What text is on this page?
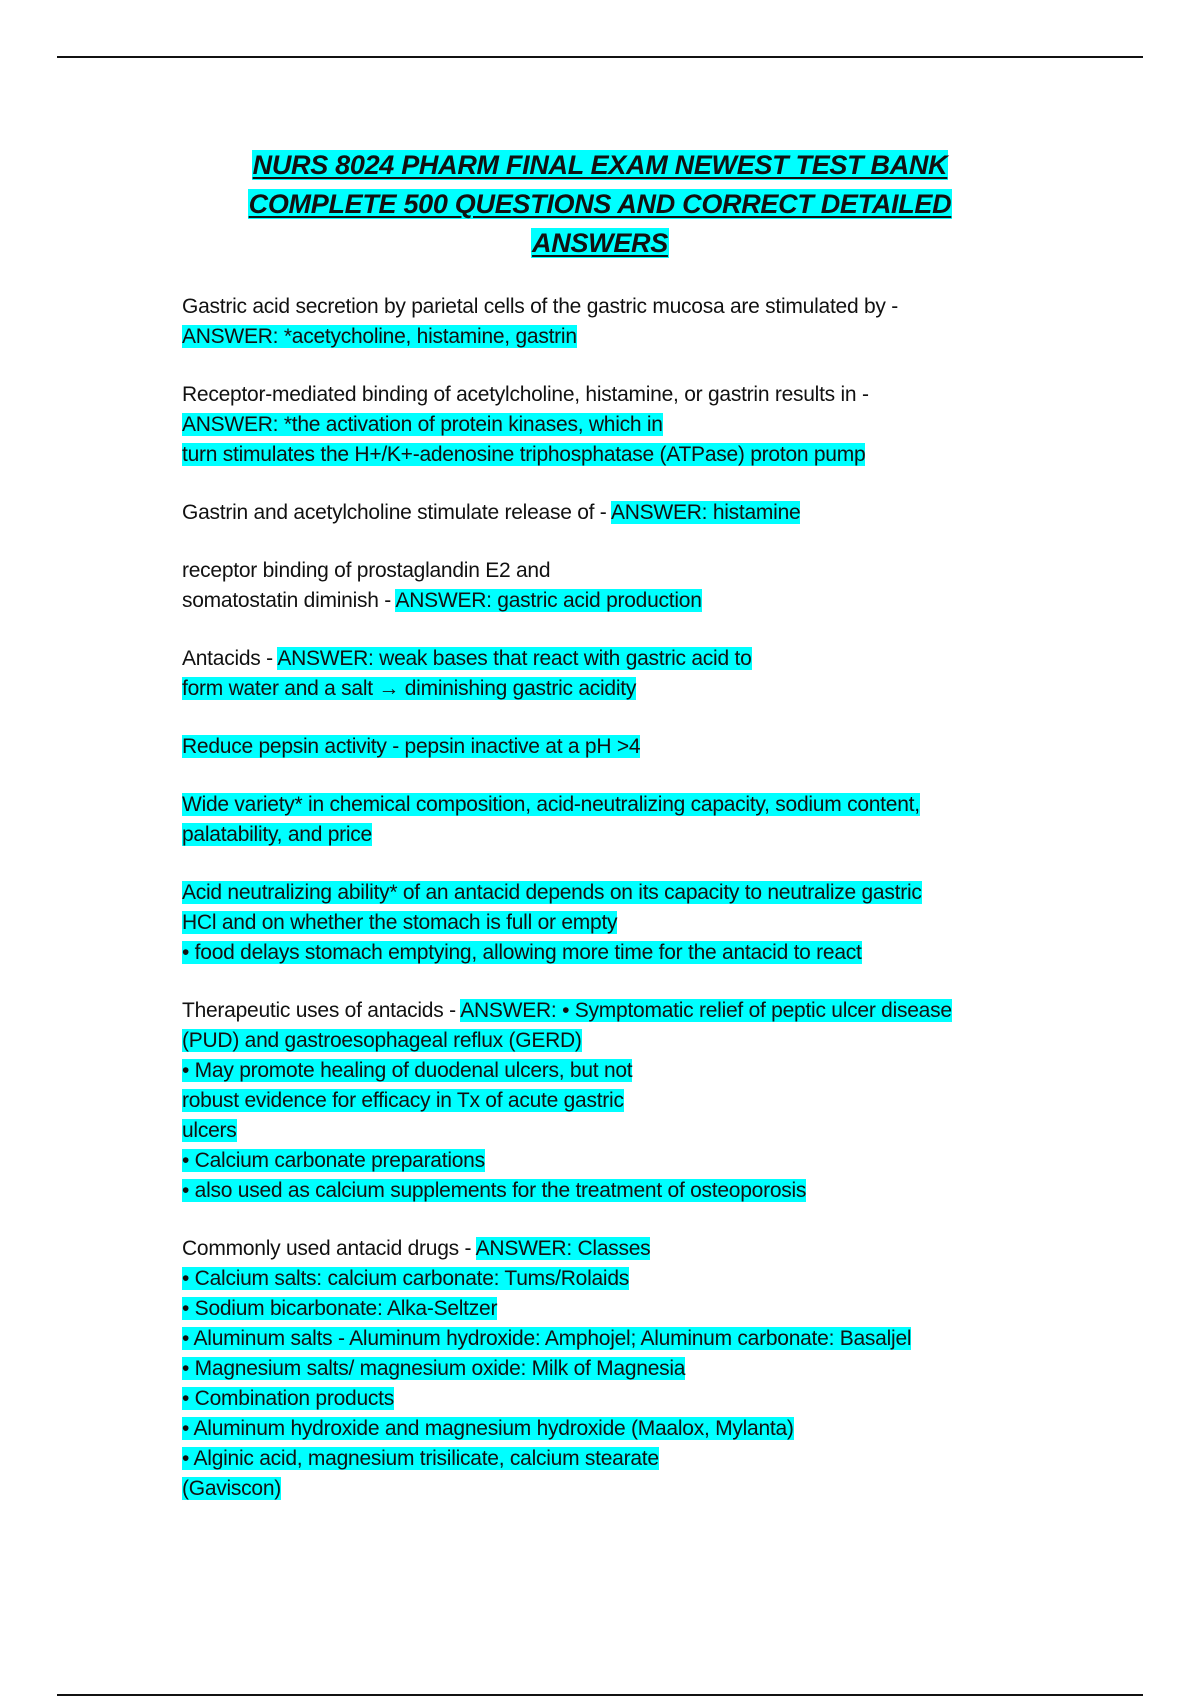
NURS 8024 PHARM FINAL EXAM NEWEST TEST BANK
COMPLETE 500 QUESTIONS AND CORRECT DETAILED
ANSWERS
Gastric acid secretion by parietal cells of the gastric mucosa are stimulated by -
ANSWER: *acetycholine, histamine, gastrin
Receptor-mediated binding of acetylcholine, histamine, or gastrin results in -
ANSWER: *the activation of protein kinases, which in
turn stimulates the H+/K+-adenosine triphosphatase (ATPase) proton pump
Gastrin and acetylcholine stimulate release of - ANSWER: histamine
receptor binding of prostaglandin E2 and
somatostatin diminish - ANSWER: gastric acid production
Antacids - ANSWER: weak bases that react with gastric acid to
form water and a salt → diminishing gastric acidity
Reduce pepsin activity - pepsin inactive at a pH >4
Wide variety* in chemical composition, acid-neutralizing capacity, sodium content,
palatability, and price
Acid neutralizing ability* of an antacid depends on its capacity to neutralize gastric
HCl and on whether the stomach is full or empty
• food delays stomach emptying, allowing more time for the antacid to react
Therapeutic uses of antacids - ANSWER: • Symptomatic relief of peptic ulcer disease
(PUD) and gastroesophageal reflux (GERD)
• May promote healing of duodenal ulcers, but not
robust evidence for efficacy in Tx of acute gastric
ulcers
• Calcium carbonate preparations
• also used as calcium supplements for the treatment of osteoporosis
Commonly used antacid drugs - ANSWER: Classes
• Calcium salts: calcium carbonate: Tums/Rolaids
• Sodium bicarbonate: Alka-Seltzer
• Aluminum salts - Aluminum hydroxide: Amphojel; Aluminum carbonate: Basaljel
• Magnesium salts/ magnesium oxide: Milk of Magnesia
• Combination products
• Aluminum hydroxide and magnesium hydroxide (Maalox, Mylanta)
• Alginic acid, magnesium trisilicate, calcium stearate
(Gaviscon)
